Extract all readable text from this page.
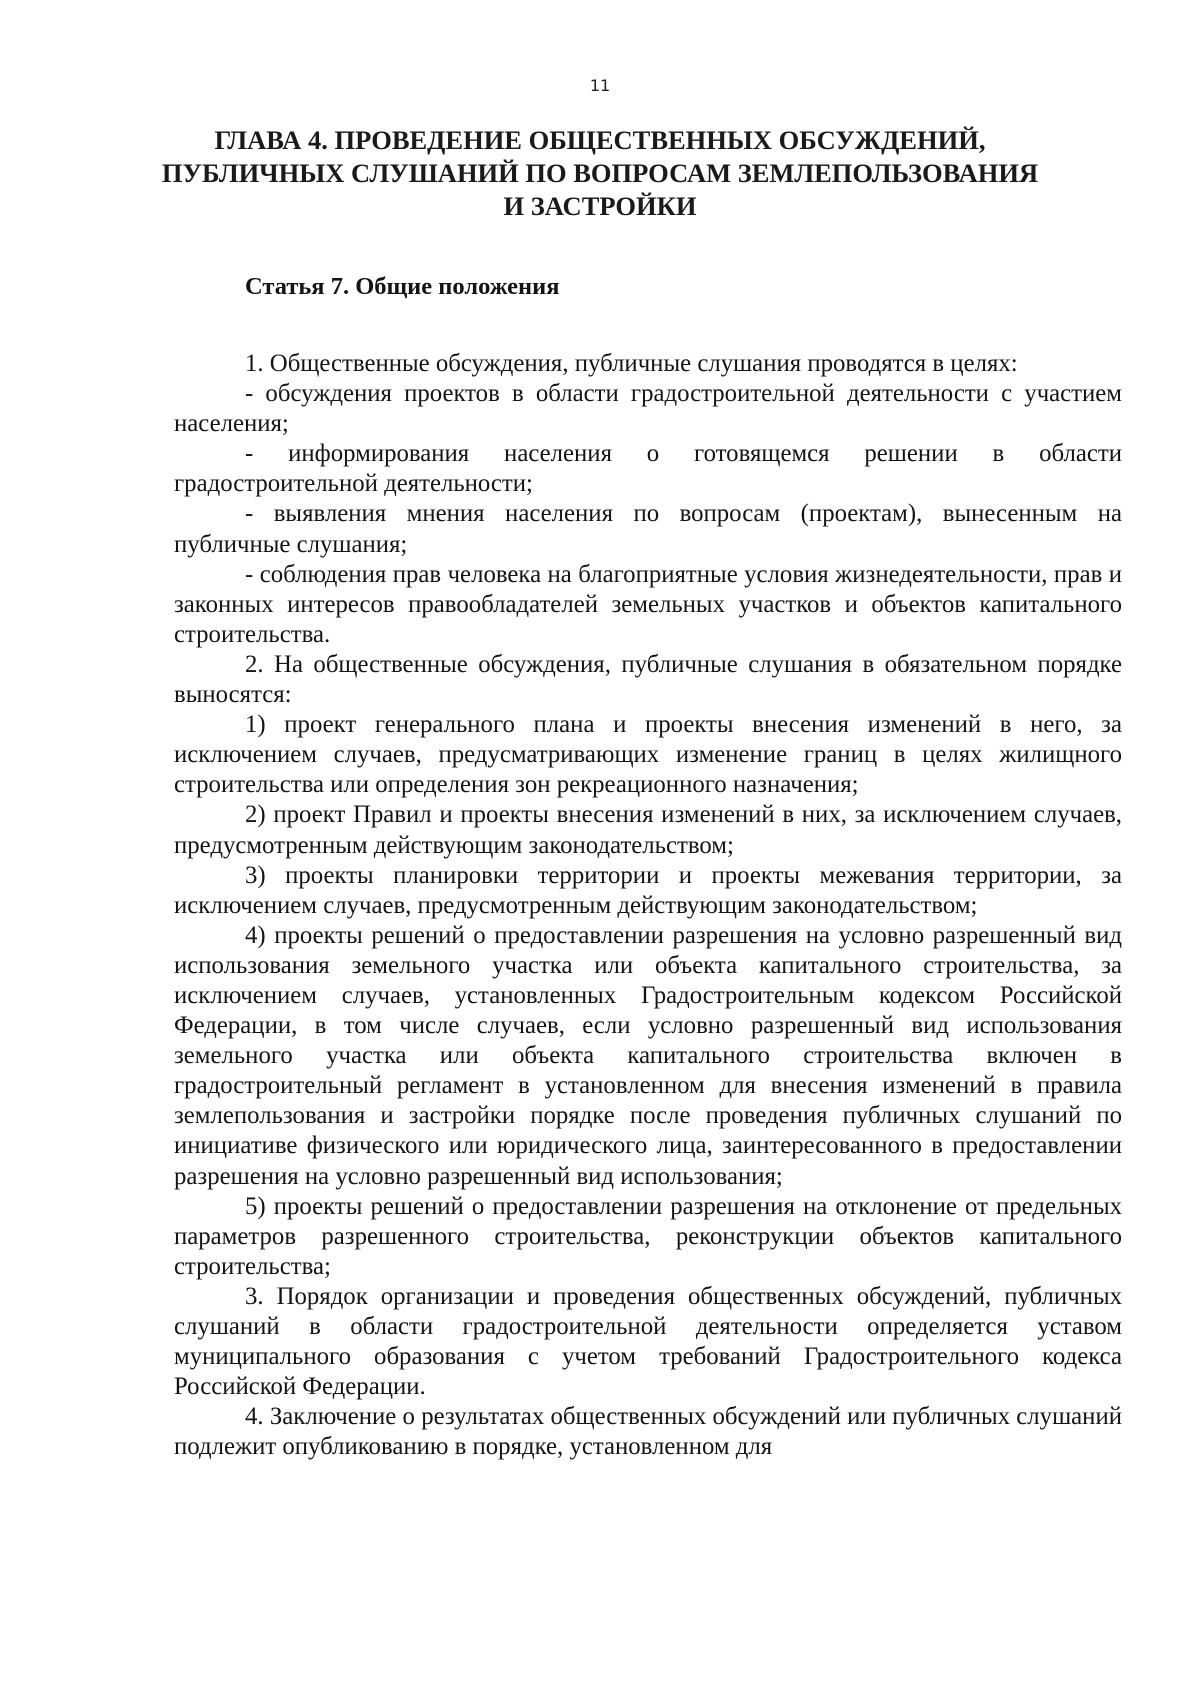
11
ГЛАВА 4. ПРОВЕДЕНИЕ ОБЩЕСТВЕННЫХ ОБСУЖДЕНИЙ,
ПУБЛИЧНЫХ СЛУШАНИЙ ПО ВОПРОСАМ ЗЕМЛЕПОЛЬЗОВАНИЯ
И ЗАСТРОЙКИ
Статья 7. Общие положения

1. Общественные обсуждения, публичные слушания проводятся в целях:

- обсуждения проектов в области градостроительной деятельности с участием населения;

- информирования населения о готовящемся решении в области градостроительной деятельности;

- выявления мнения населения по вопросам (проектам), вынесенным на публичные слушания;

- соблюдения прав человека на благоприятные условия жизнедеятельности, прав и законных интересов правообладателей земельных участков и объектов капитального строительства.

2. На общественные обсуждения, публичные слушания в обязательном порядке выносятся:

1) проект генерального плана и проекты внесения изменений в него, за исключением случаев, предусматривающих изменение границ в целях жилищного строительства или определения зон рекреационного назначения;

2) проект Правил и проекты внесения изменений в них, за исключением случаев, предусмотренным действующим законодательством;

3) проекты планировки территории и проекты межевания территории, за исключением случаев, предусмотренным действующим законодательством;

4) проекты решений о предоставлении разрешения на условно разрешенный вид использования земельного участка или объекта капитального строительства, за исключением случаев, установленных Градостроительным кодексом Российской Федерации, в том числе случаев, если условно разрешенный вид использования земельного участка или объекта капитального строительства включен в градостроительный регламент в установленном для внесения изменений в правила землепользования и застройки порядке после проведения публичных слушаний по инициативе физического или юридического лица, заинтересованного в предоставлении разрешения на условно разрешенный вид использования;

5) проекты решений о предоставлении разрешения на отклонение от предельных параметров разрешенного строительства, реконструкции объектов капитального строительства;

3. Порядок организации и проведения общественных обсуждений, публичных слушаний в области градостроительной деятельности определяется уставом муниципального образования с учетом требований Градостроительного кодекса Российской Федерации.

4. Заключение о результатах общественных обсуждений или публичных слушаний подлежит опубликованию в порядке, установленном для
